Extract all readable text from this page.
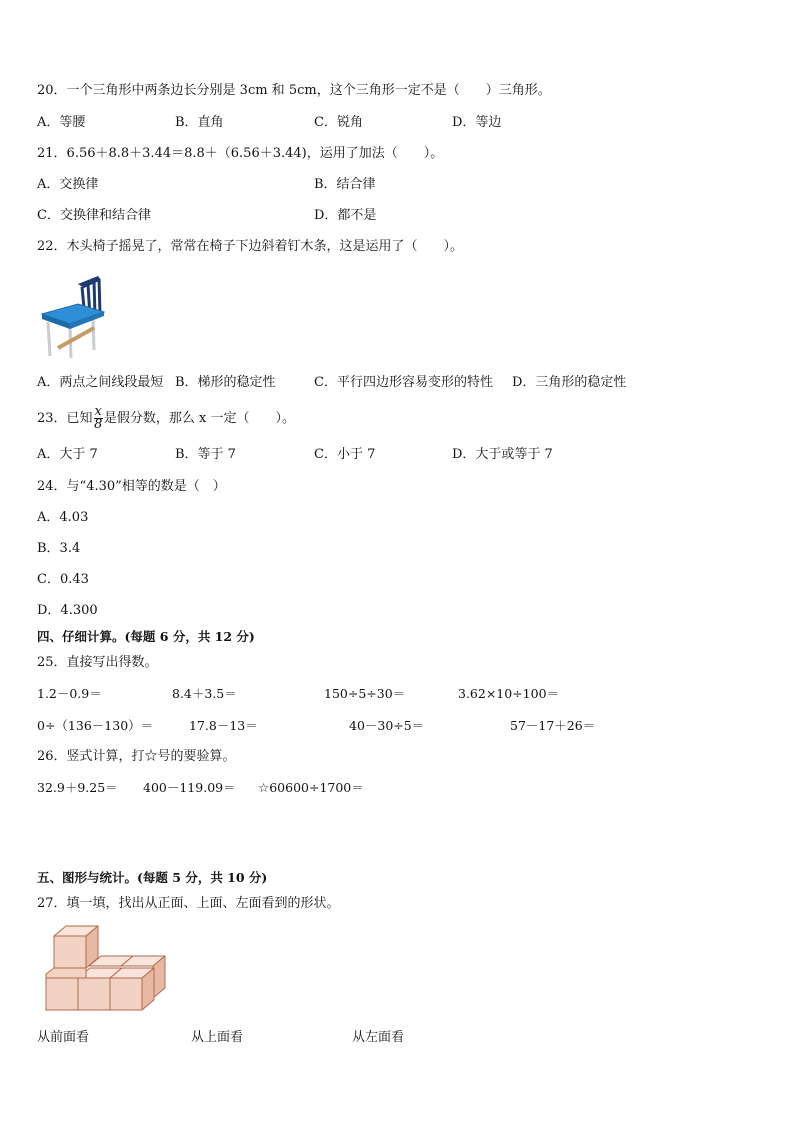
20．一个三角形中两条边长分别是 3cm 和 5cm，这个三角形一定不是（　　）三角形。
A．等腰	B．直角	C．锐角	D．等边
21．6.56＋8.8＋3.44＝8.8＋（6.56＋3.44)，运用了加法（　　）。
A．交换律	B．结合律
C．交换律和结合律	D．都不是
22．木头椅子摇晃了，常常在椅子下边斜着钉木条，这是运用了（　　）。
A．两点之间线段最短 B．梯形的稳定性	C．平行四边形容易变形的特性 D．三角形的稳定性
23．已知 $\frac{x}{8}$ 是假分数，那么 x 一定（　　）。
A．大于 7	B．等于 7	C．小于 7	D．大于或等于 7
24．与“4.30”相等的数是（　）
A．4.03
B．3.4
C．0.43
D．4.300
四、仔细计算。(每题 6 分，共 12 分)
25．直接写出得数。
1.2－0.9＝	8.4＋3.5＝	150÷5÷30＝	3.62×10÷100＝
0÷（136－130）＝	17.8－13＝	40－30÷5＝	57－17＋26＝
26．竖式计算，打☆号的要验算。
32.9＋9.25＝ 400－119.09＝ ☆60600÷1700＝
五、图形与统计。(每题 5 分，共 10 分)
27．填一填，找出从正面、上面、左面看到的形状。
从前面看	从上面看	从左面看
